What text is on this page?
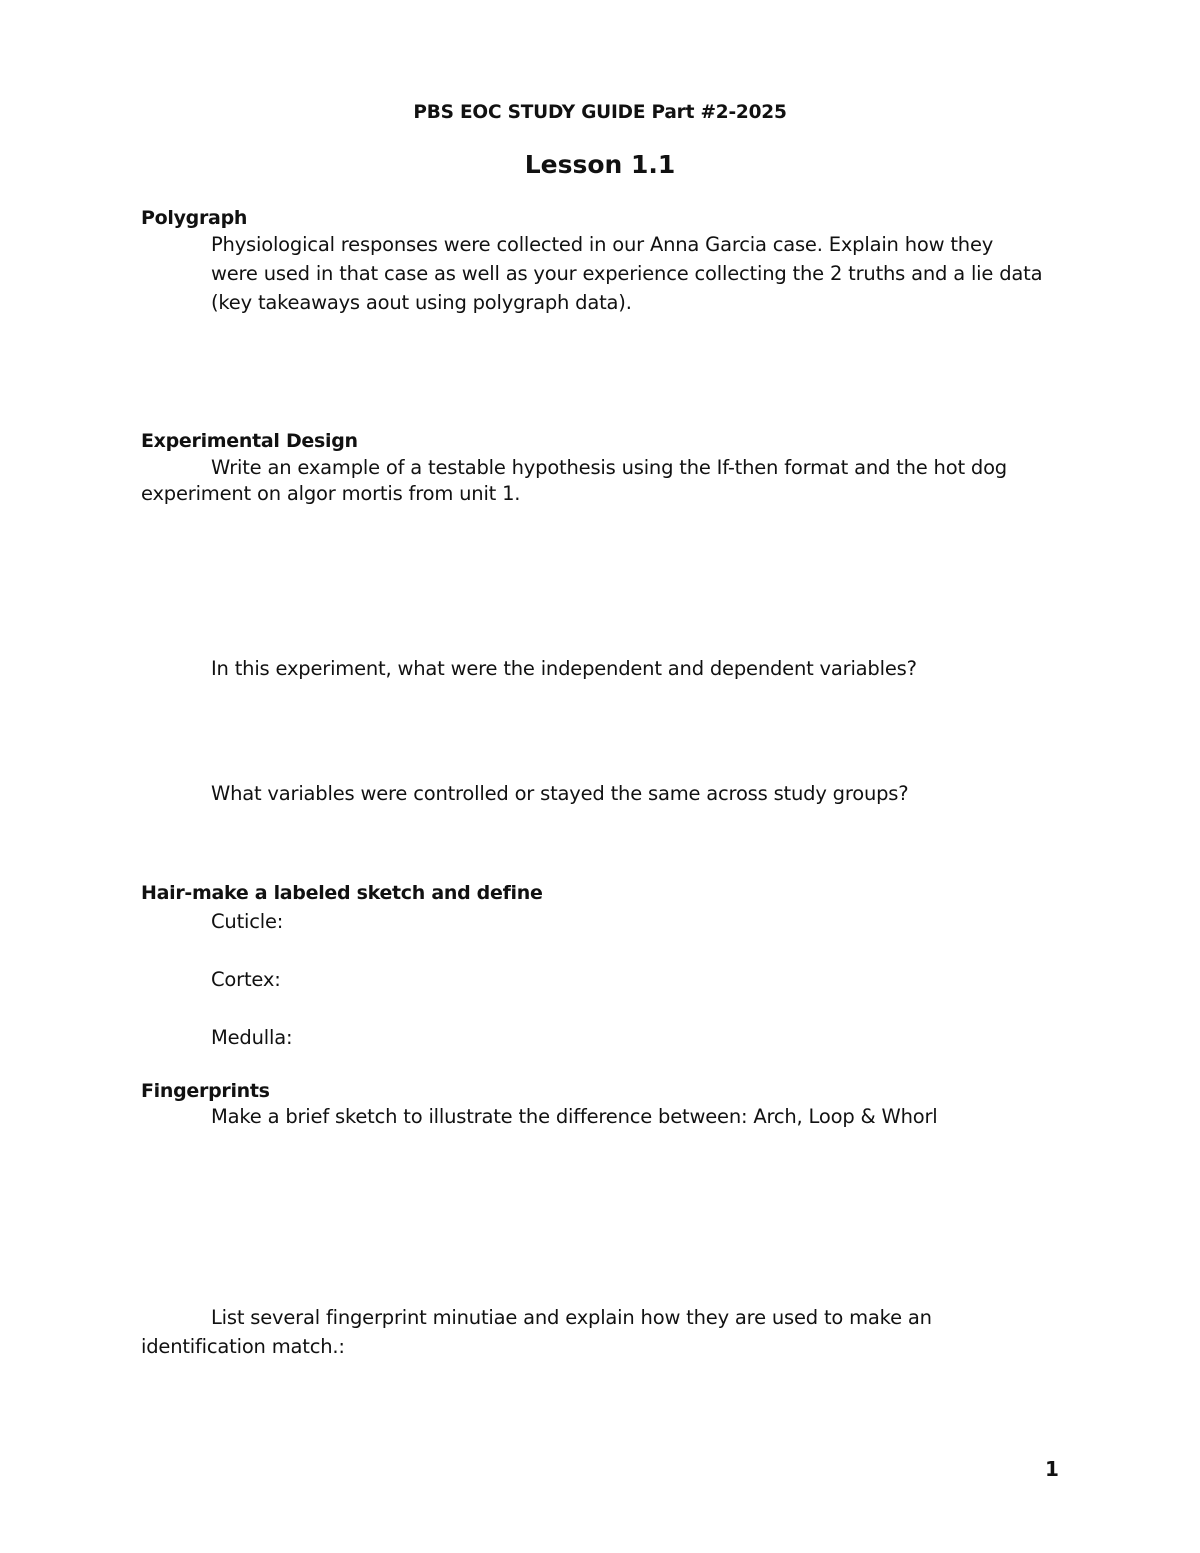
PBS EOC STUDY GUIDE Part #2-2025
Lesson 1.1
Polygraph
Physiological responses were collected in our Anna Garcia case. Explain how they
were used in that case as well as your experience collecting the 2 truths and a lie data
(key takeaways aout using polygraph data).
Experimental Design
Write an example of a testable hypothesis using the If-then format and the hot dog
experiment on algor mortis from unit 1.
In this experiment, what were the independent and dependent variables?
What variables were controlled or stayed the same across study groups?
Hair-make a labeled sketch and define
Cuticle:
Cortex:
Medulla:
Fingerprints
Make a brief sketch to illustrate the difference between: Arch, Loop & Whorl
List several fingerprint minutiae and explain how they are used to make an
identification match.:
1
